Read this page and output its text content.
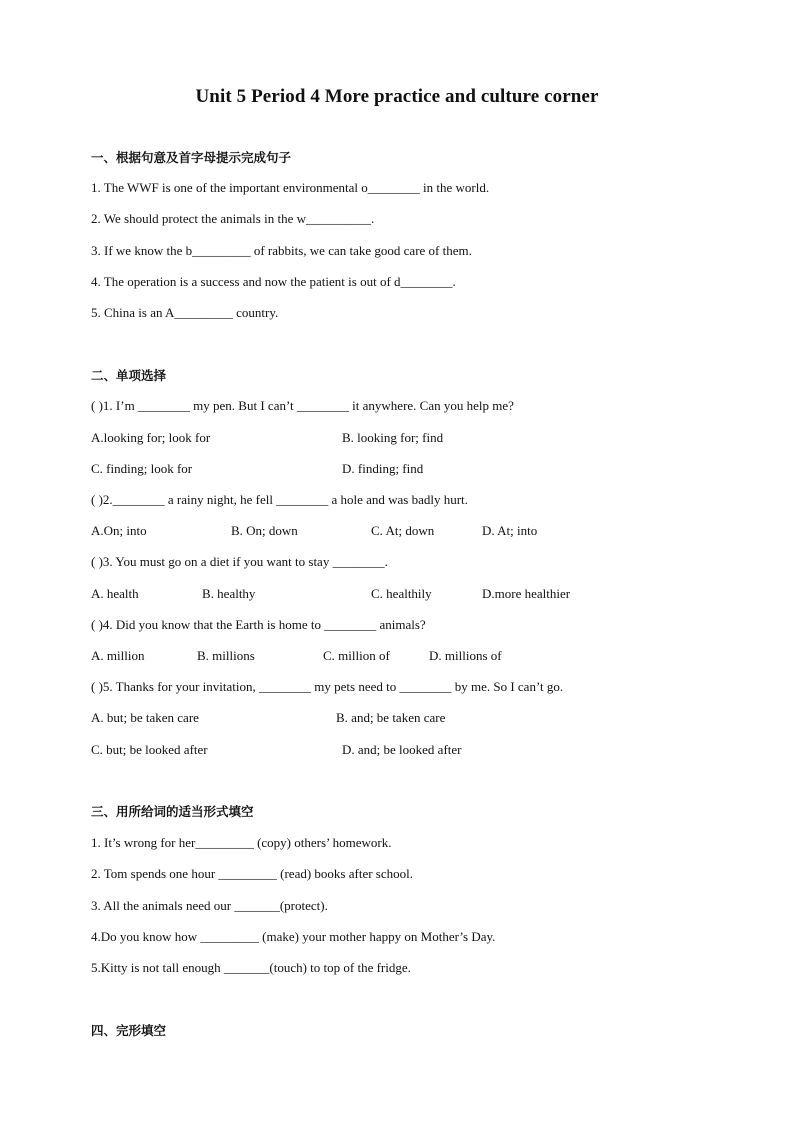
Unit 5 Period 4 More practice and culture corner
一、根据句意及首字母提示完成句子
1. The WWF is one of the important environmental o________ in the world.
2. We should protect the animals in the w__________.
3. If we know the b_________ of rabbits, we can take good care of them.
4. The operation is a success and now the patient is out of d________.
5. China is an A_________ country.
二、单项选择
( )1. I’m ________ my pen. But I can’t ________ it anywhere. Can you help me?
A.looking for; look for	B. looking for; find
C. finding; look for	D. finding; find
( )2.________ a rainy night, he fell ________ a hole and was badly hurt.
A.On; into	B. On; down	C. At; down	D. At; into
( )3. You must go on a diet if you want to stay ________.
A. health	B. healthy	C. healthily	D.more healthier
( )4. Did you know that the Earth is home to ________ animals?
A. million	B. millions	C. million of	D. millions of
( )5. Thanks for your invitation, ________ my pets need to ________ by me. So I can’t go.
A. but; be taken care	B. and; be taken care
C. but; be looked after	D. and; be looked after
三、用所给词的适当形式填空
1. It’s wrong for her_________ (copy) others’ homework.
2. Tom spends one hour _________ (read) books after school.
3. All the animals need our _______(protect).
4.Do you know how _________ (make) your mother happy on Mother’s Day.
5.Kitty is not tall enough _______(touch) to top of the fridge.
四、完形填空
